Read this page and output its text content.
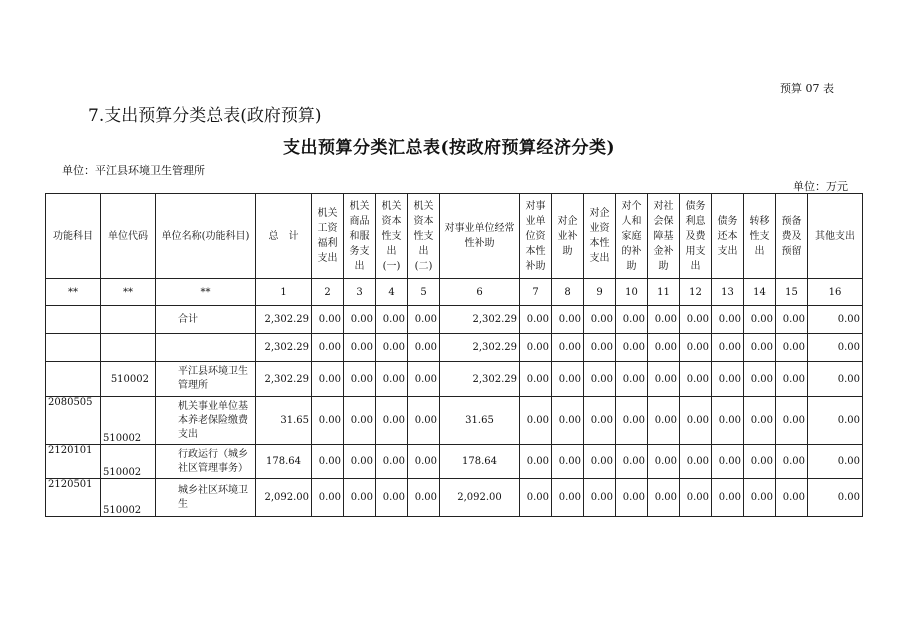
预算 07 表
7.支出预算分类总表(政府预算)
支出预算分类汇总表(按政府预算经济分类)
单位：平江县环境卫生管理所
单位：万元
功能科目	单位代码	单位名称(功能科目)	总　计	机关工资福利支出	机关商品和服务支出	机关资本性支出(一)	机关资本性支出(二)	对事业单位经常性补助	对事业单位资本性补助	对企业补助	对企业资本性支出	对个人和家庭的补助	对社会保障基金补助	债务利息及费用支出	债务还本支出	转移性支出	预备费及预留	其他支出
**	**	**	1	2	3	4	5	6	7	8	9	10	11	12	13	14	15	16
		合计	2,302.29	0.00	0.00	0.00	0.00	2,302.29	0.00	0.00	0.00	0.00	0.00	0.00	0.00	0.00	0.00	0.00
			2,302.29	0.00	0.00	0.00	0.00	2,302.29	0.00	0.00	0.00	0.00	0.00	0.00	0.00	0.00	0.00	0.00
	510002	平江县环境卫生管理所	2,302.29	0.00	0.00	0.00	0.00	2,302.29	0.00	0.00	0.00	0.00	0.00	0.00	0.00	0.00	0.00	0.00
2080505	510002	机关事业单位基本养老保险缴费支出	31.65	0.00	0.00	0.00	0.00	31.65	0.00	0.00	0.00	0.00	0.00	0.00	0.00	0.00	0.00	0.00
2120101	510002	行政运行（城乡社区管理事务）	178.64	0.00	0.00	0.00	0.00	178.64	0.00	0.00	0.00	0.00	0.00	0.00	0.00	0.00	0.00	0.00
2120501	510002	城乡社区环境卫生	2,092.00	0.00	0.00	0.00	0.00	2,092.00	0.00	0.00	0.00	0.00	0.00	0.00	0.00	0.00	0.00	0.00
